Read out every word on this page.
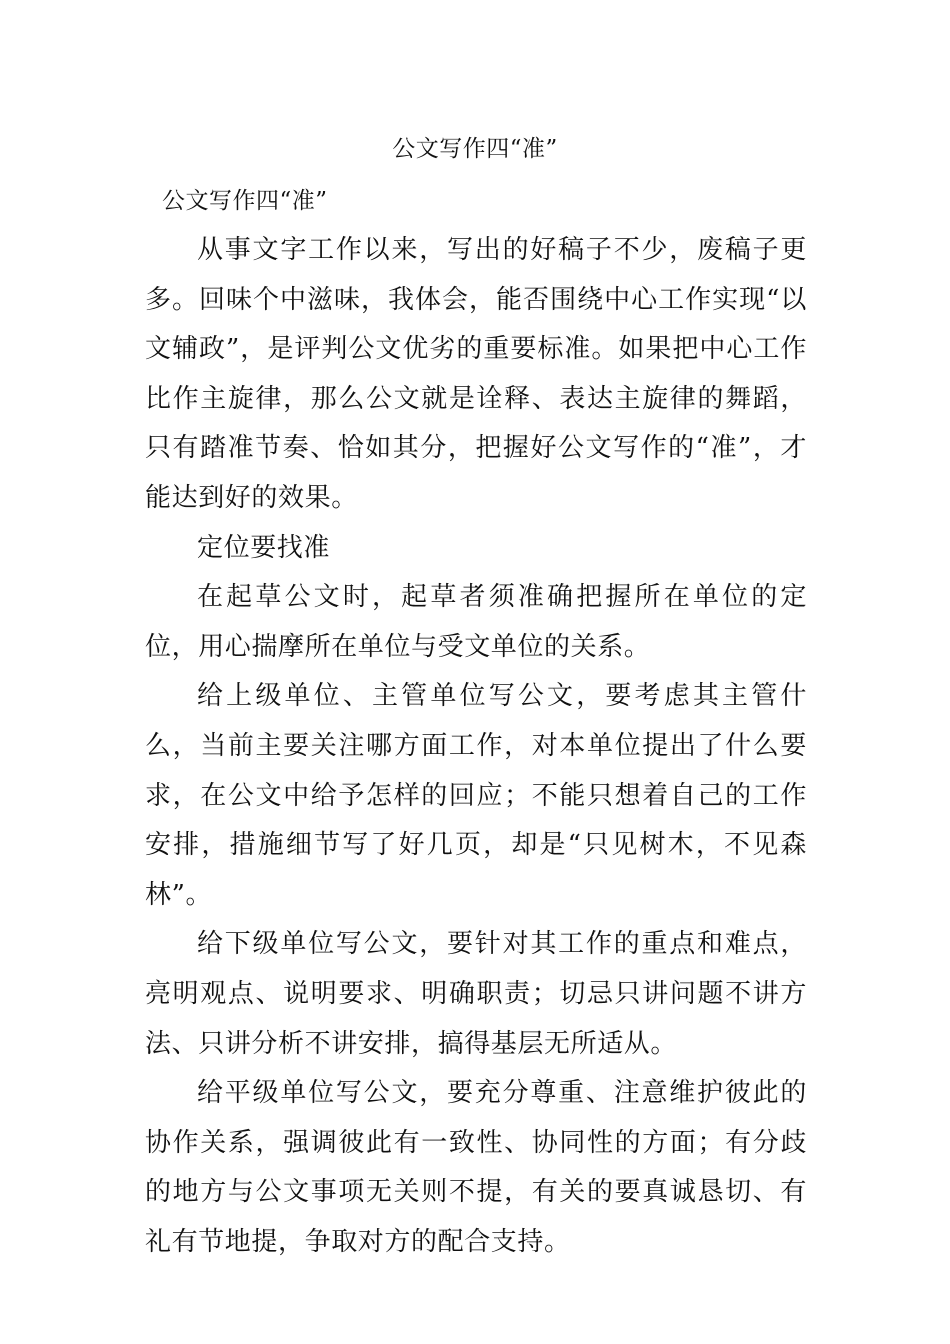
公文写作四“准”
公文写作四“准”

从事文字工作以来，写出的好稿子不少，废稿子更多。回味个中滋味，我体会，能否围绕中心工作实现“以文辅政”，是评判公文优劣的重要标准。如果把中心工作比作主旋律，那么公文就是诠释、表达主旋律的舞蹈，只有踏准节奏、恰如其分，把握好公文写作的“准”，才能达到好的效果。

定位要找准

在起草公文时，起草者须准确把握所在单位的定位，用心揣摩所在单位与受文单位的关系。

给上级单位、主管单位写公文，要考虑其主管什么，当前主要关注哪方面工作，对本单位提出了什么要求，在公文中给予怎样的回应；不能只想着自己的工作安排，措施细节写了好几页，却是“只见树木，不见森林”。

给下级单位写公文，要针对其工作的重点和难点，亮明观点、说明要求、明确职责；切忌只讲问题不讲方法、只讲分析不讲安排，搞得基层无所适从。

给平级单位写公文，要充分尊重、注意维护彼此的协作关系，强调彼此有一致性、协同性的方面；有分歧的地方与公文事项无关则不提，有关的要真诚恳切、有礼有节地提，争取对方的配合支持。
